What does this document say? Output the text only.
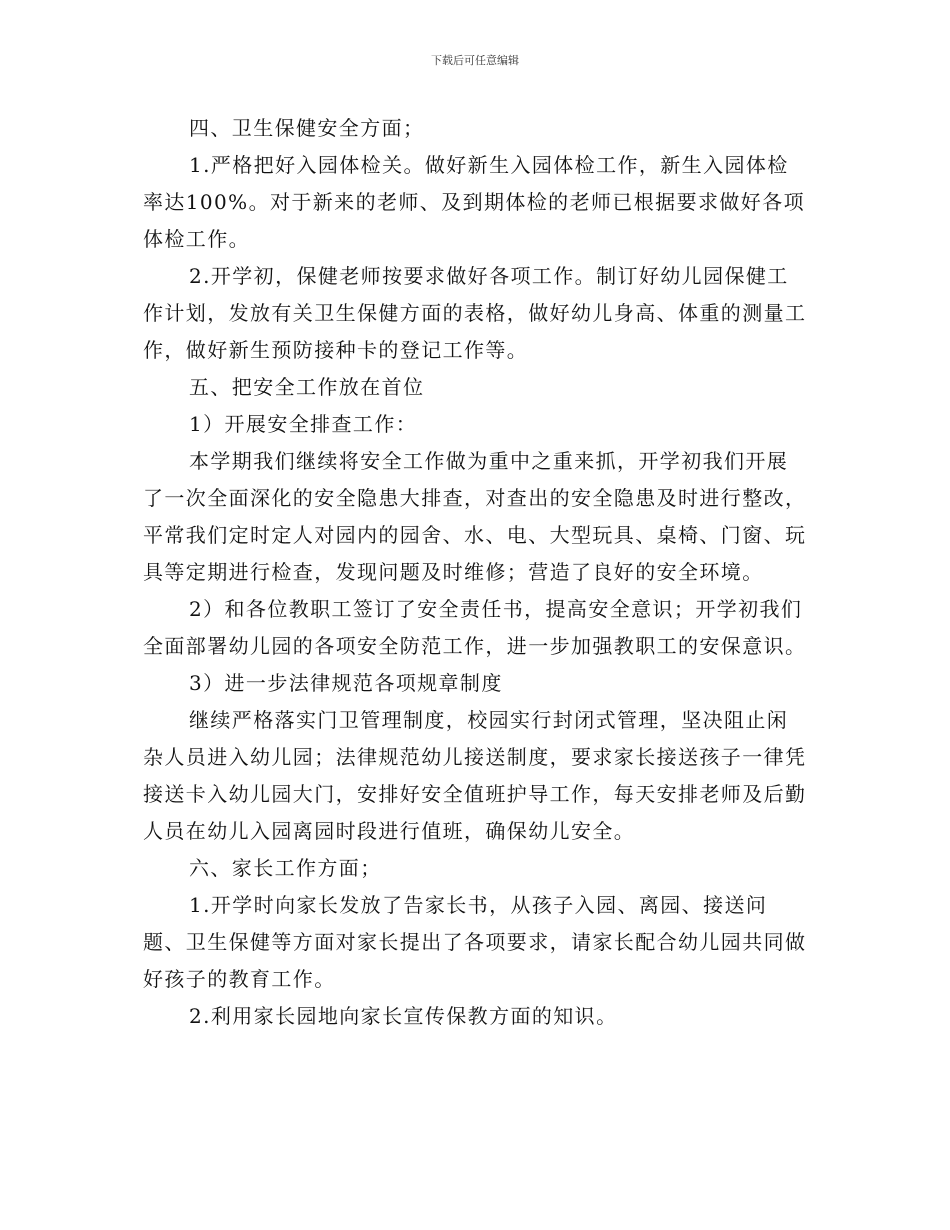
下载后可任意编辑

四、卫生保健安全方面；

1.严格把好入园体检关。做好新生入园体检工作，新生入园体检率达100%。对于新来的老师、及到期体检的老师已根据要求做好各项体检工作。

2.开学初，保健老师按要求做好各项工作。制订好幼儿园保健工作计划，发放有关卫生保健方面的表格，做好幼儿身高、体重的测量工作，做好新生预防接种卡的登记工作等。

五、把安全工作放在首位

1）开展安全排查工作：

本学期我们继续将安全工作做为重中之重来抓，开学初我们开展了一次全面深化的安全隐患大排查，对查出的安全隐患及时进行整改，平常我们定时定人对园内的园舍、水、电、大型玩具、桌椅、门窗、玩具等定期进行检查，发现问题及时维修；营造了良好的安全环境。

2）和各位教职工签订了安全责任书，提高安全意识；开学初我们全面部署幼儿园的各项安全防范工作，进一步加强教职工的安保意识。

3）进一步法律规范各项规章制度

继续严格落实门卫管理制度，校园实行封闭式管理，坚决阻止闲杂人员进入幼儿园；法律规范幼儿接送制度，要求家长接送孩子一律凭接送卡入幼儿园大门，安排好安全值班护导工作，每天安排老师及后勤人员在幼儿入园离园时段进行值班，确保幼儿安全。

六、家长工作方面；

1.开学时向家长发放了告家长书，从孩子入园、离园、接送问题、卫生保健等方面对家长提出了各项要求，请家长配合幼儿园共同做好孩子的教育工作。

2.利用家长园地向家长宣传保教方面的知识。
